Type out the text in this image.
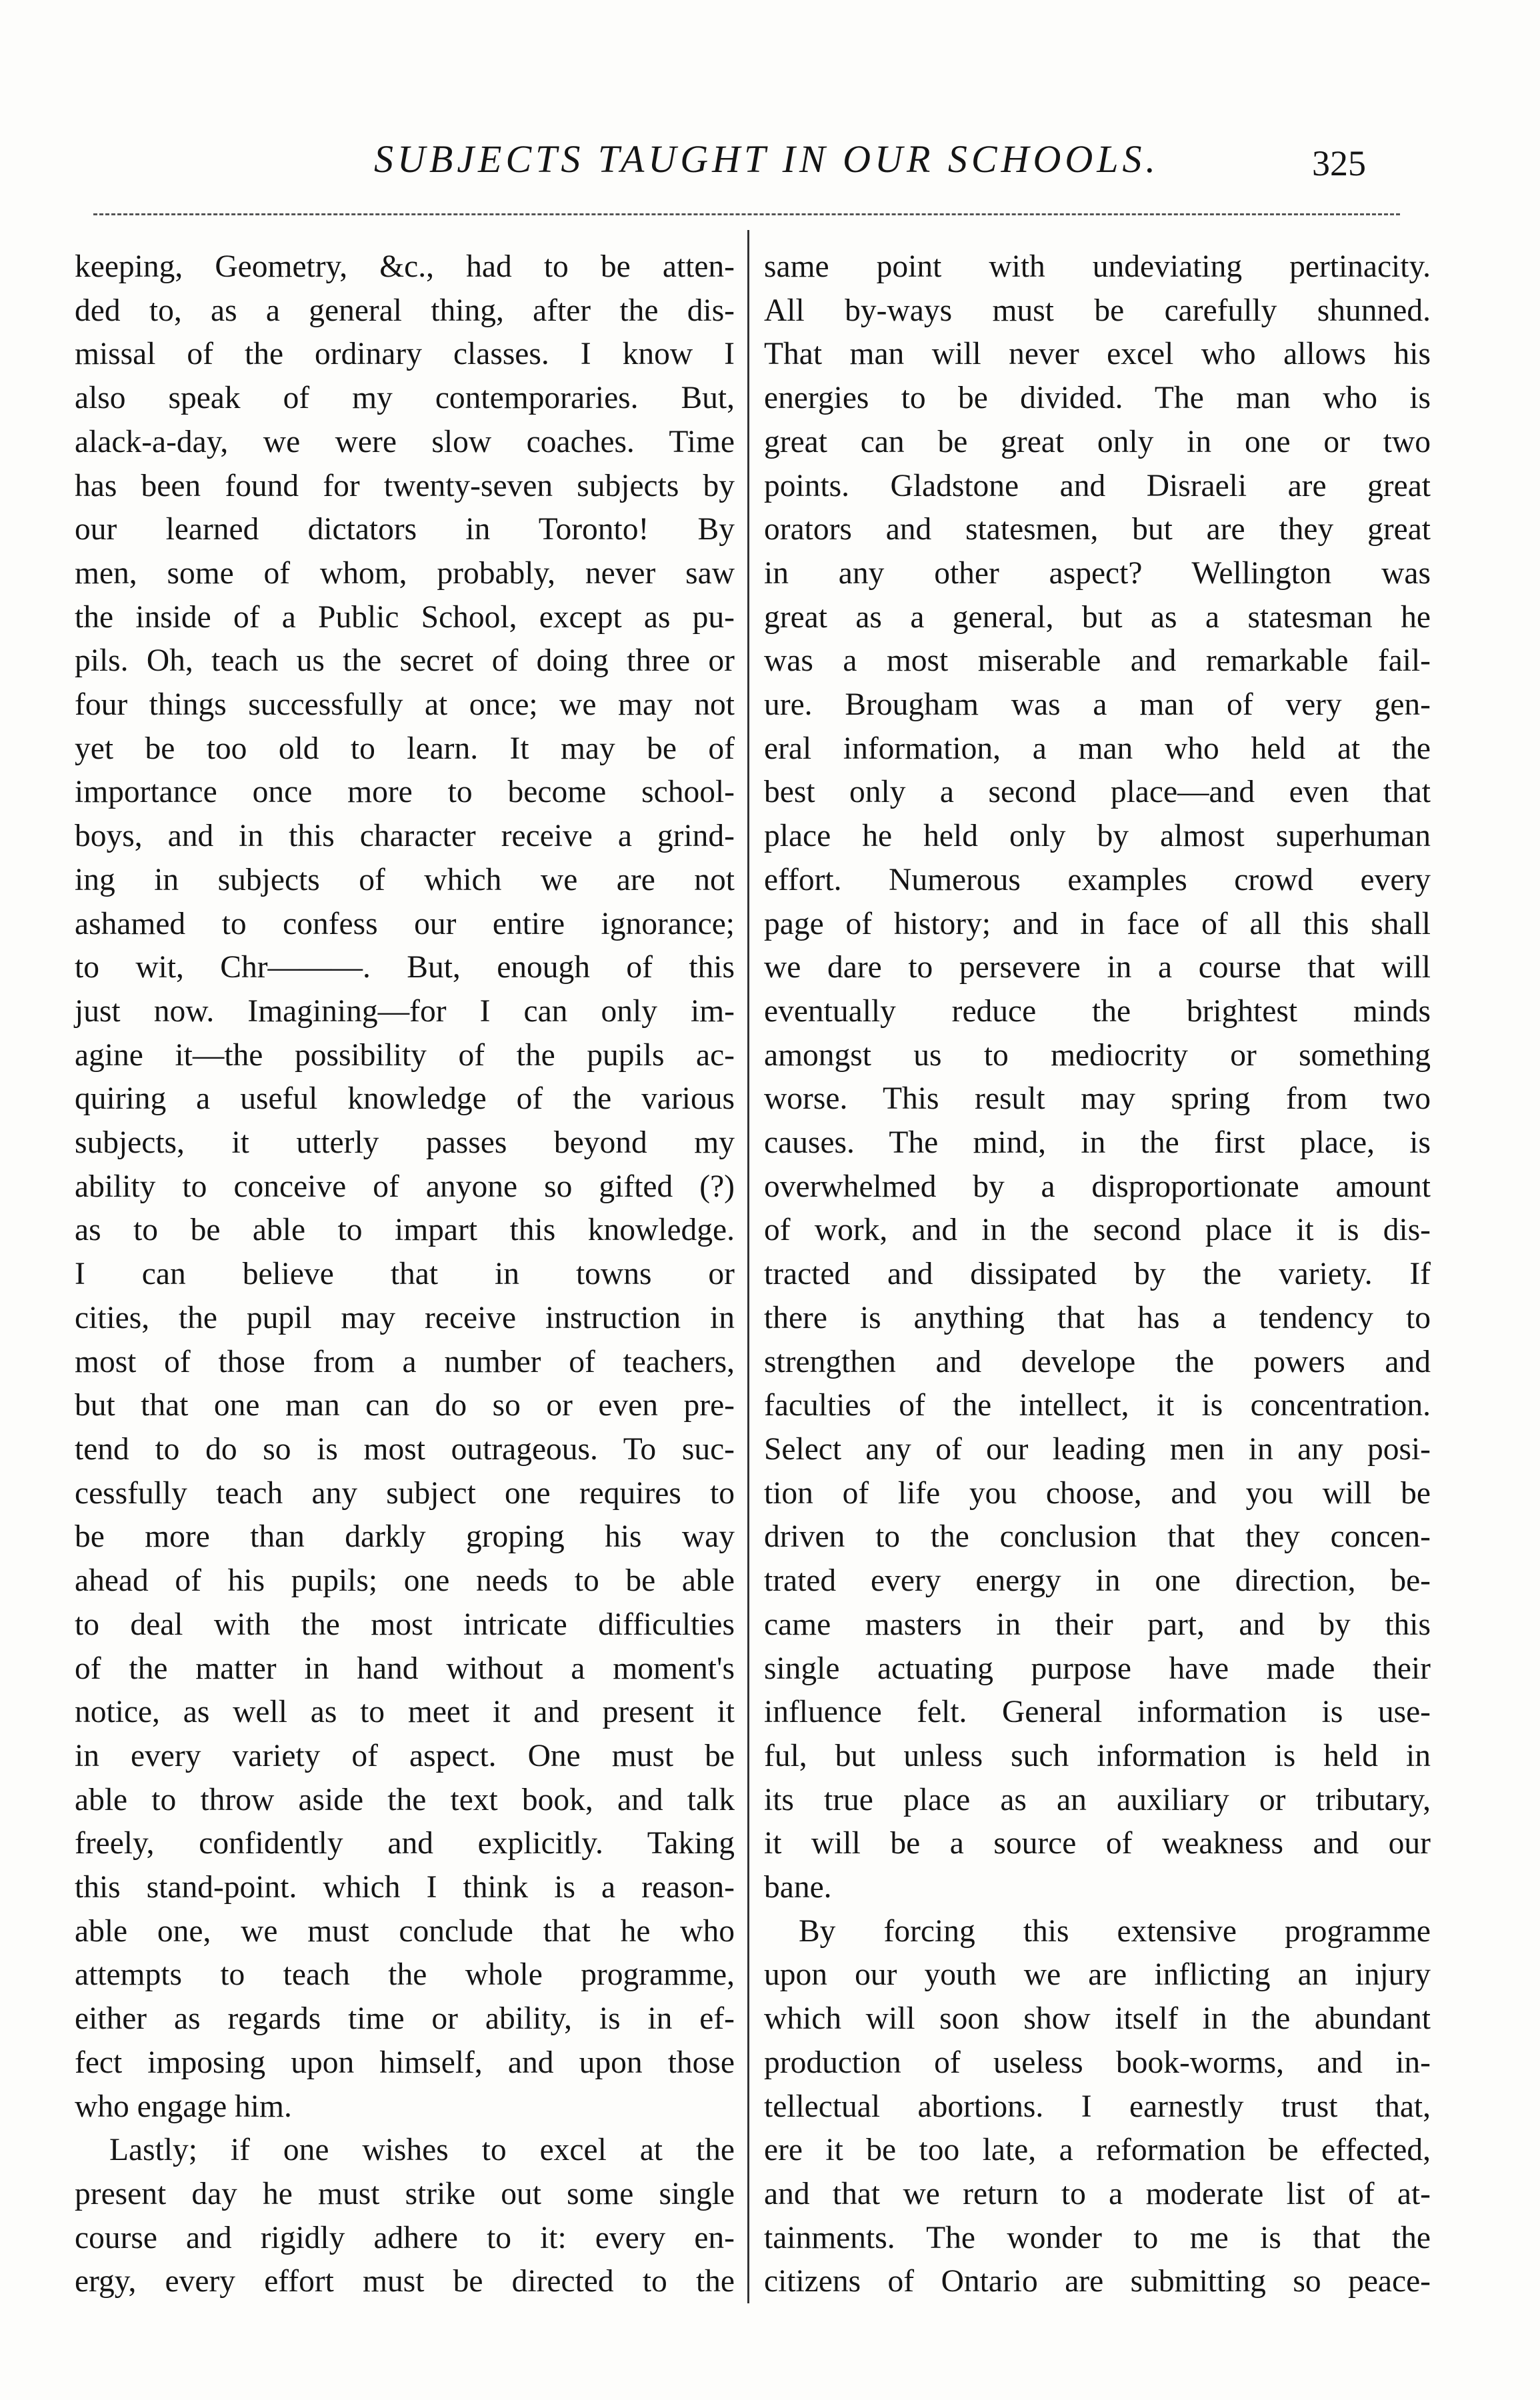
SUBJECTS TAUGHT IN OUR SCHOOLS.	325
keeping, Geometry, &c., had to be atten-
ded to, as a general thing, after the dis-
missal of the ordinary classes. I know I
also speak of my contemporaries. But,
alack-a-day, we were slow coaches. Time
has been found for twenty-seven subjects by
our learned dictators in Toronto! By
men, some of whom, probably, never saw
the inside of a Public School, except as pu-
pils. Oh, teach us the secret of doing three or
four things successfully at once; we may not
yet be too old to learn. It may be of
importance once more to become school-
boys, and in this character receive a grind-
ing in subjects of which we are not
ashamed to confess our entire ignorance;
to wit, Chr———. But, enough of this
just now. Imagining—for I can only im-
agine it—the possibility of the pupils ac-
quiring a useful knowledge of the various
subjects, it utterly passes beyond my
ability to conceive of anyone so gifted (?)
as to be able to impart this knowledge.
I can believe that in towns or
cities, the pupil may receive instruction in
most of those from a number of teachers,
but that one man can do so or even pre-
tend to do so is most outrageous. To suc-
cessfully teach any subject one requires to
be more than darkly groping his way
ahead of his pupils; one needs to be able
to deal with the most intricate difficulties
of the matter in hand without a moment's
notice, as well as to meet it and present it
in every variety of aspect. One must be
able to throw aside the text book, and talk
freely, confidently and explicitly. Taking
this stand-point. which I think is a reason-
able one, we must conclude that he who
attempts to teach the whole programme,
either as regards time or ability, is in ef-
fect imposing upon himself, and upon those
who engage him.
Lastly; if one wishes to excel at the
present day he must strike out some single
course and rigidly adhere to it: every en-
ergy, every effort must be directed to the
same point with undeviating pertinacity.
All by-ways must be carefully shunned.
That man will never excel who allows his
energies to be divided. The man who is
great can be great only in one or two
points. Gladstone and Disraeli are great
orators and statesmen, but are they great
in any other aspect? Wellington was
great as a general, but as a statesman he
was a most miserable and remarkable fail-
ure. Brougham was a man of very gen-
eral information, a man who held at the
best only a second place—and even that
place he held only by almost superhuman
effort. Numerous examples crowd every
page of history; and in face of all this shall
we dare to persevere in a course that will
eventually reduce the brightest minds
amongst us to mediocrity or something
worse. This result may spring from two
causes. The mind, in the first place, is
overwhelmed by a disproportionate amount
of work, and in the second place it is dis-
tracted and dissipated by the variety. If
there is anything that has a tendency to
strengthen and develope the powers and
faculties of the intellect, it is concentration.
Select any of our leading men in any posi-
tion of life you choose, and you will be
driven to the conclusion that they concen-
trated every energy in one direction, be-
came masters in their part, and by this
single actuating purpose have made their
influence felt. General information is use-
ful, but unless such information is held in
its true place as an auxiliary or tributary,
it will be a source of weakness and our
bane.
By forcing this extensive programme
upon our youth we are inflicting an injury
which will soon show itself in the abundant
production of useless book-worms, and in-
tellectual abortions. I earnestly trust that,
ere it be too late, a reformation be effected,
and that we return to a moderate list of at-
tainments. The wonder to me is that the
citizens of Ontario are submitting so peace-
